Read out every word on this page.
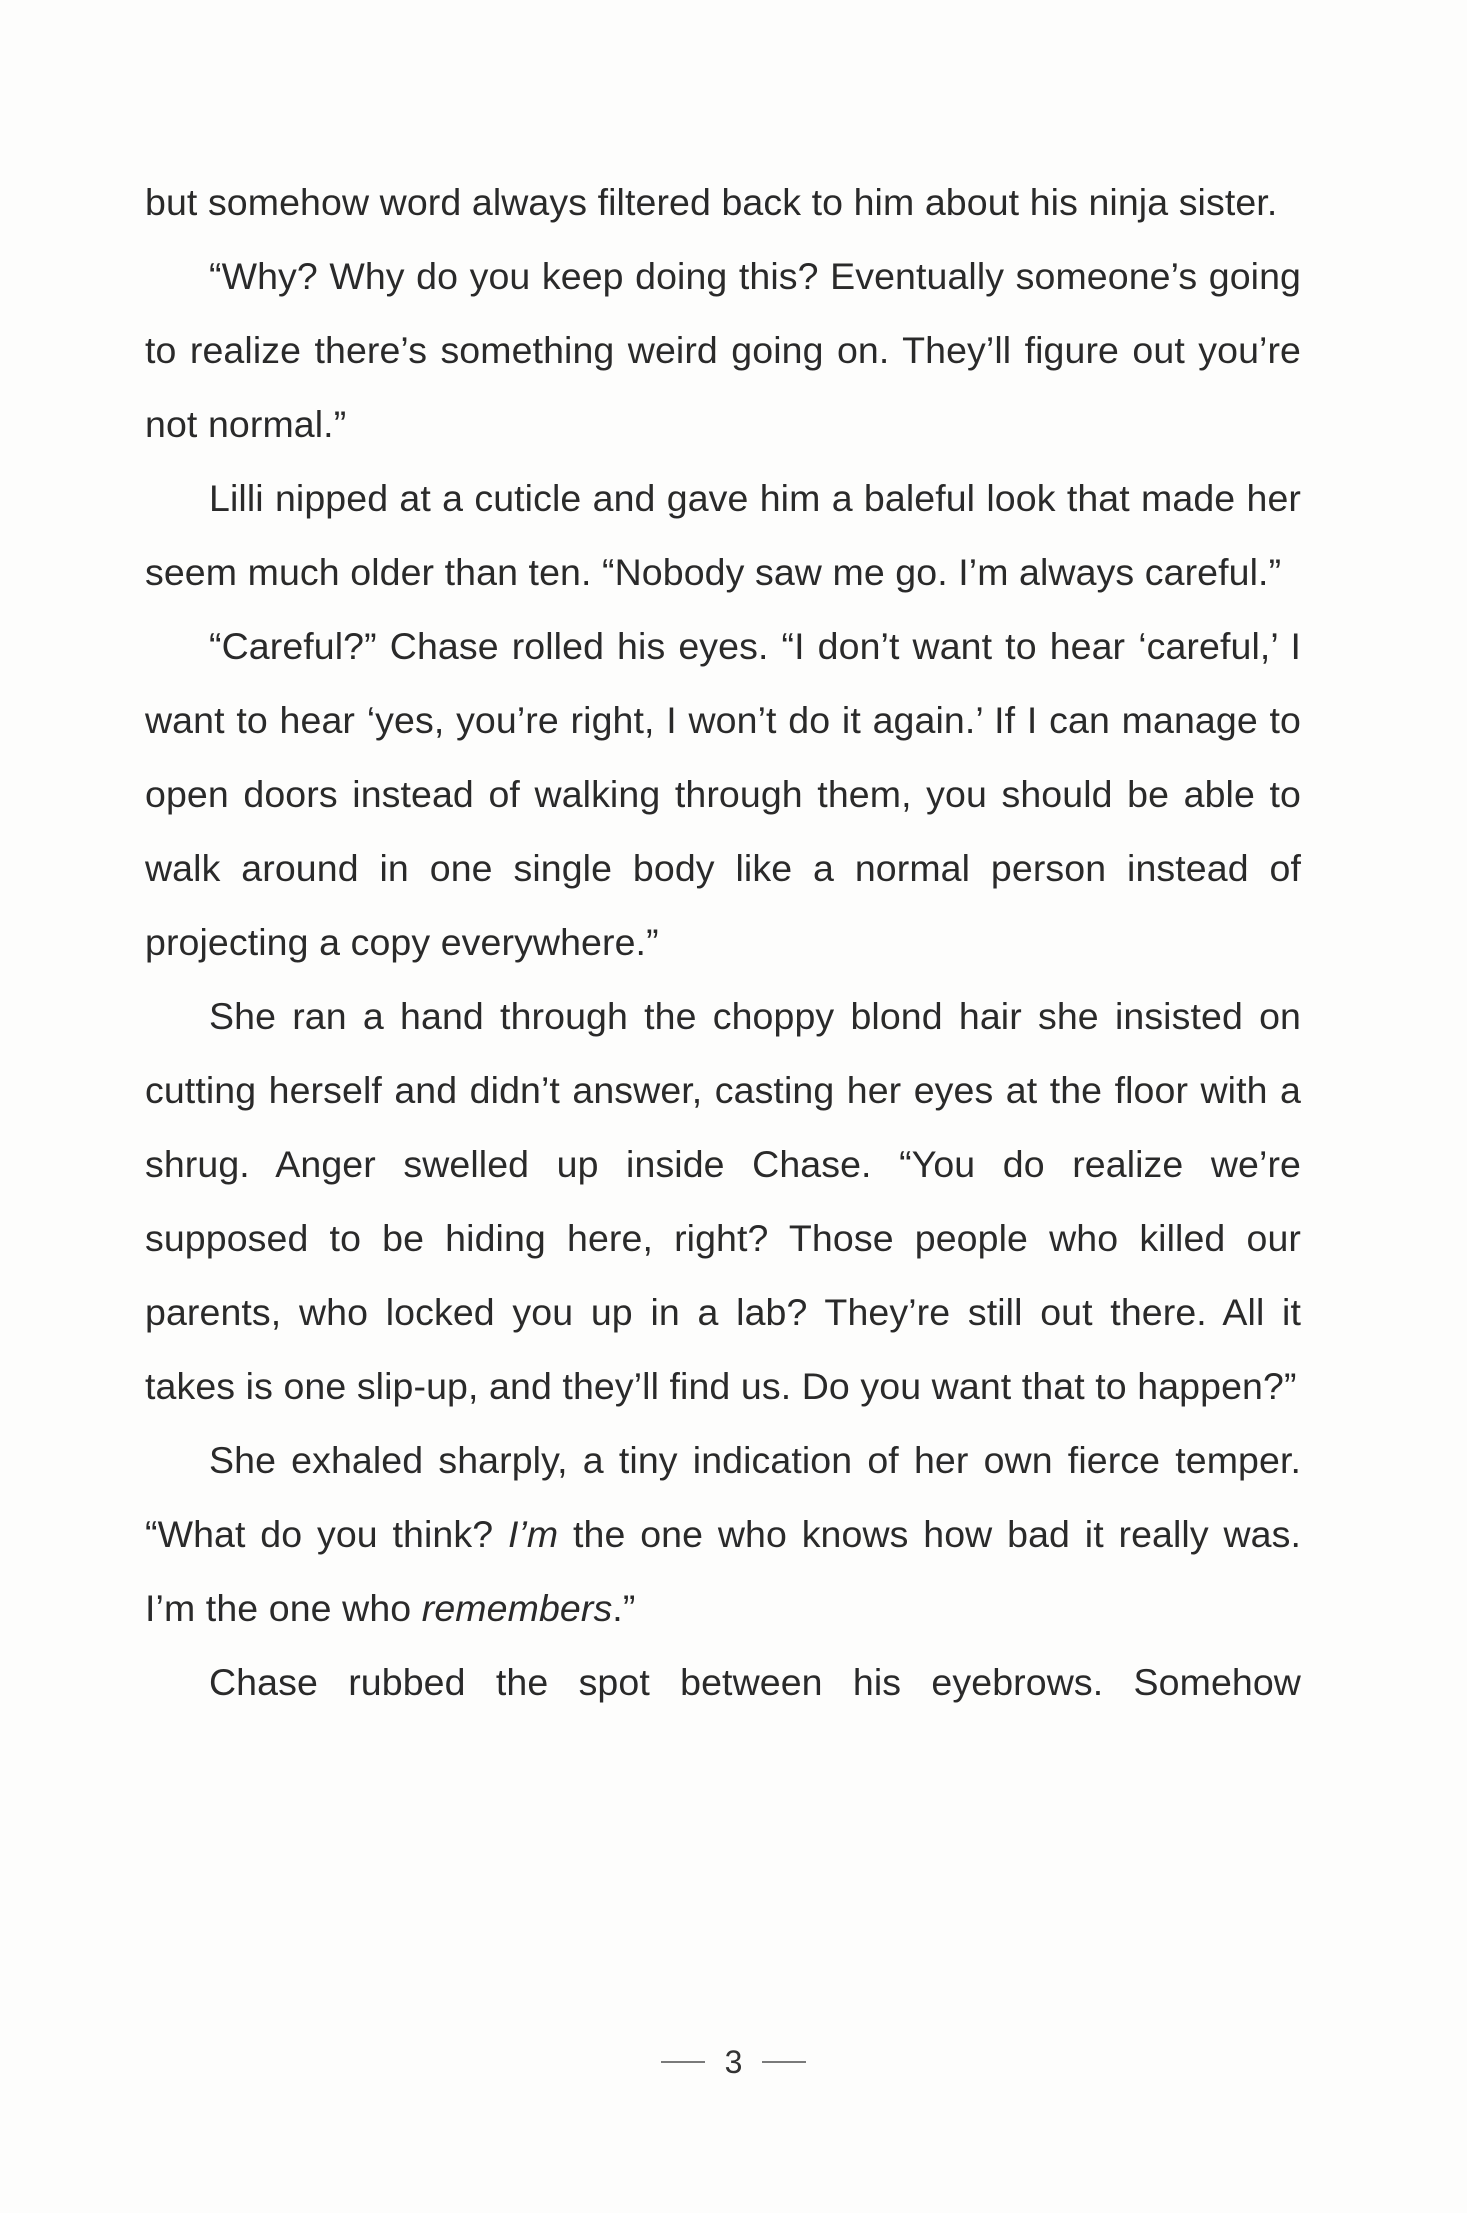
but somehow word always filtered back to him about his ninja sister.

“Why? Why do you keep doing this? Eventually someone’s going to realize there’s something weird going on. They’ll figure out you’re not normal.”

Lilli nipped at a cuticle and gave him a baleful look that made her seem much older than ten. “Nobody saw me go. I’m always careful.”

“Careful?” Chase rolled his eyes. “I don’t want to hear ‘careful,’ I want to hear ‘yes, you’re right, I won’t do it again.’ If I can manage to open doors instead of walking through them, you should be able to walk around in one single body like a normal person instead of projecting a copy everywhere.”

She ran a hand through the choppy blond hair she insisted on cutting herself and didn’t answer, casting her eyes at the floor with a shrug. Anger swelled up inside Chase. “You do realize we’re supposed to be hiding here, right? Those people who killed our parents, who locked you up in a lab? They’re still out there. All it takes is one slip-up, and they’ll find us. Do you want that to happen?”

She exhaled sharply, a tiny indication of her own fierce temper. “What do you think? I’m the one who knows how bad it really was. I’m the one who remembers.”

Chase rubbed the spot between his eyebrows. Somehow

3
